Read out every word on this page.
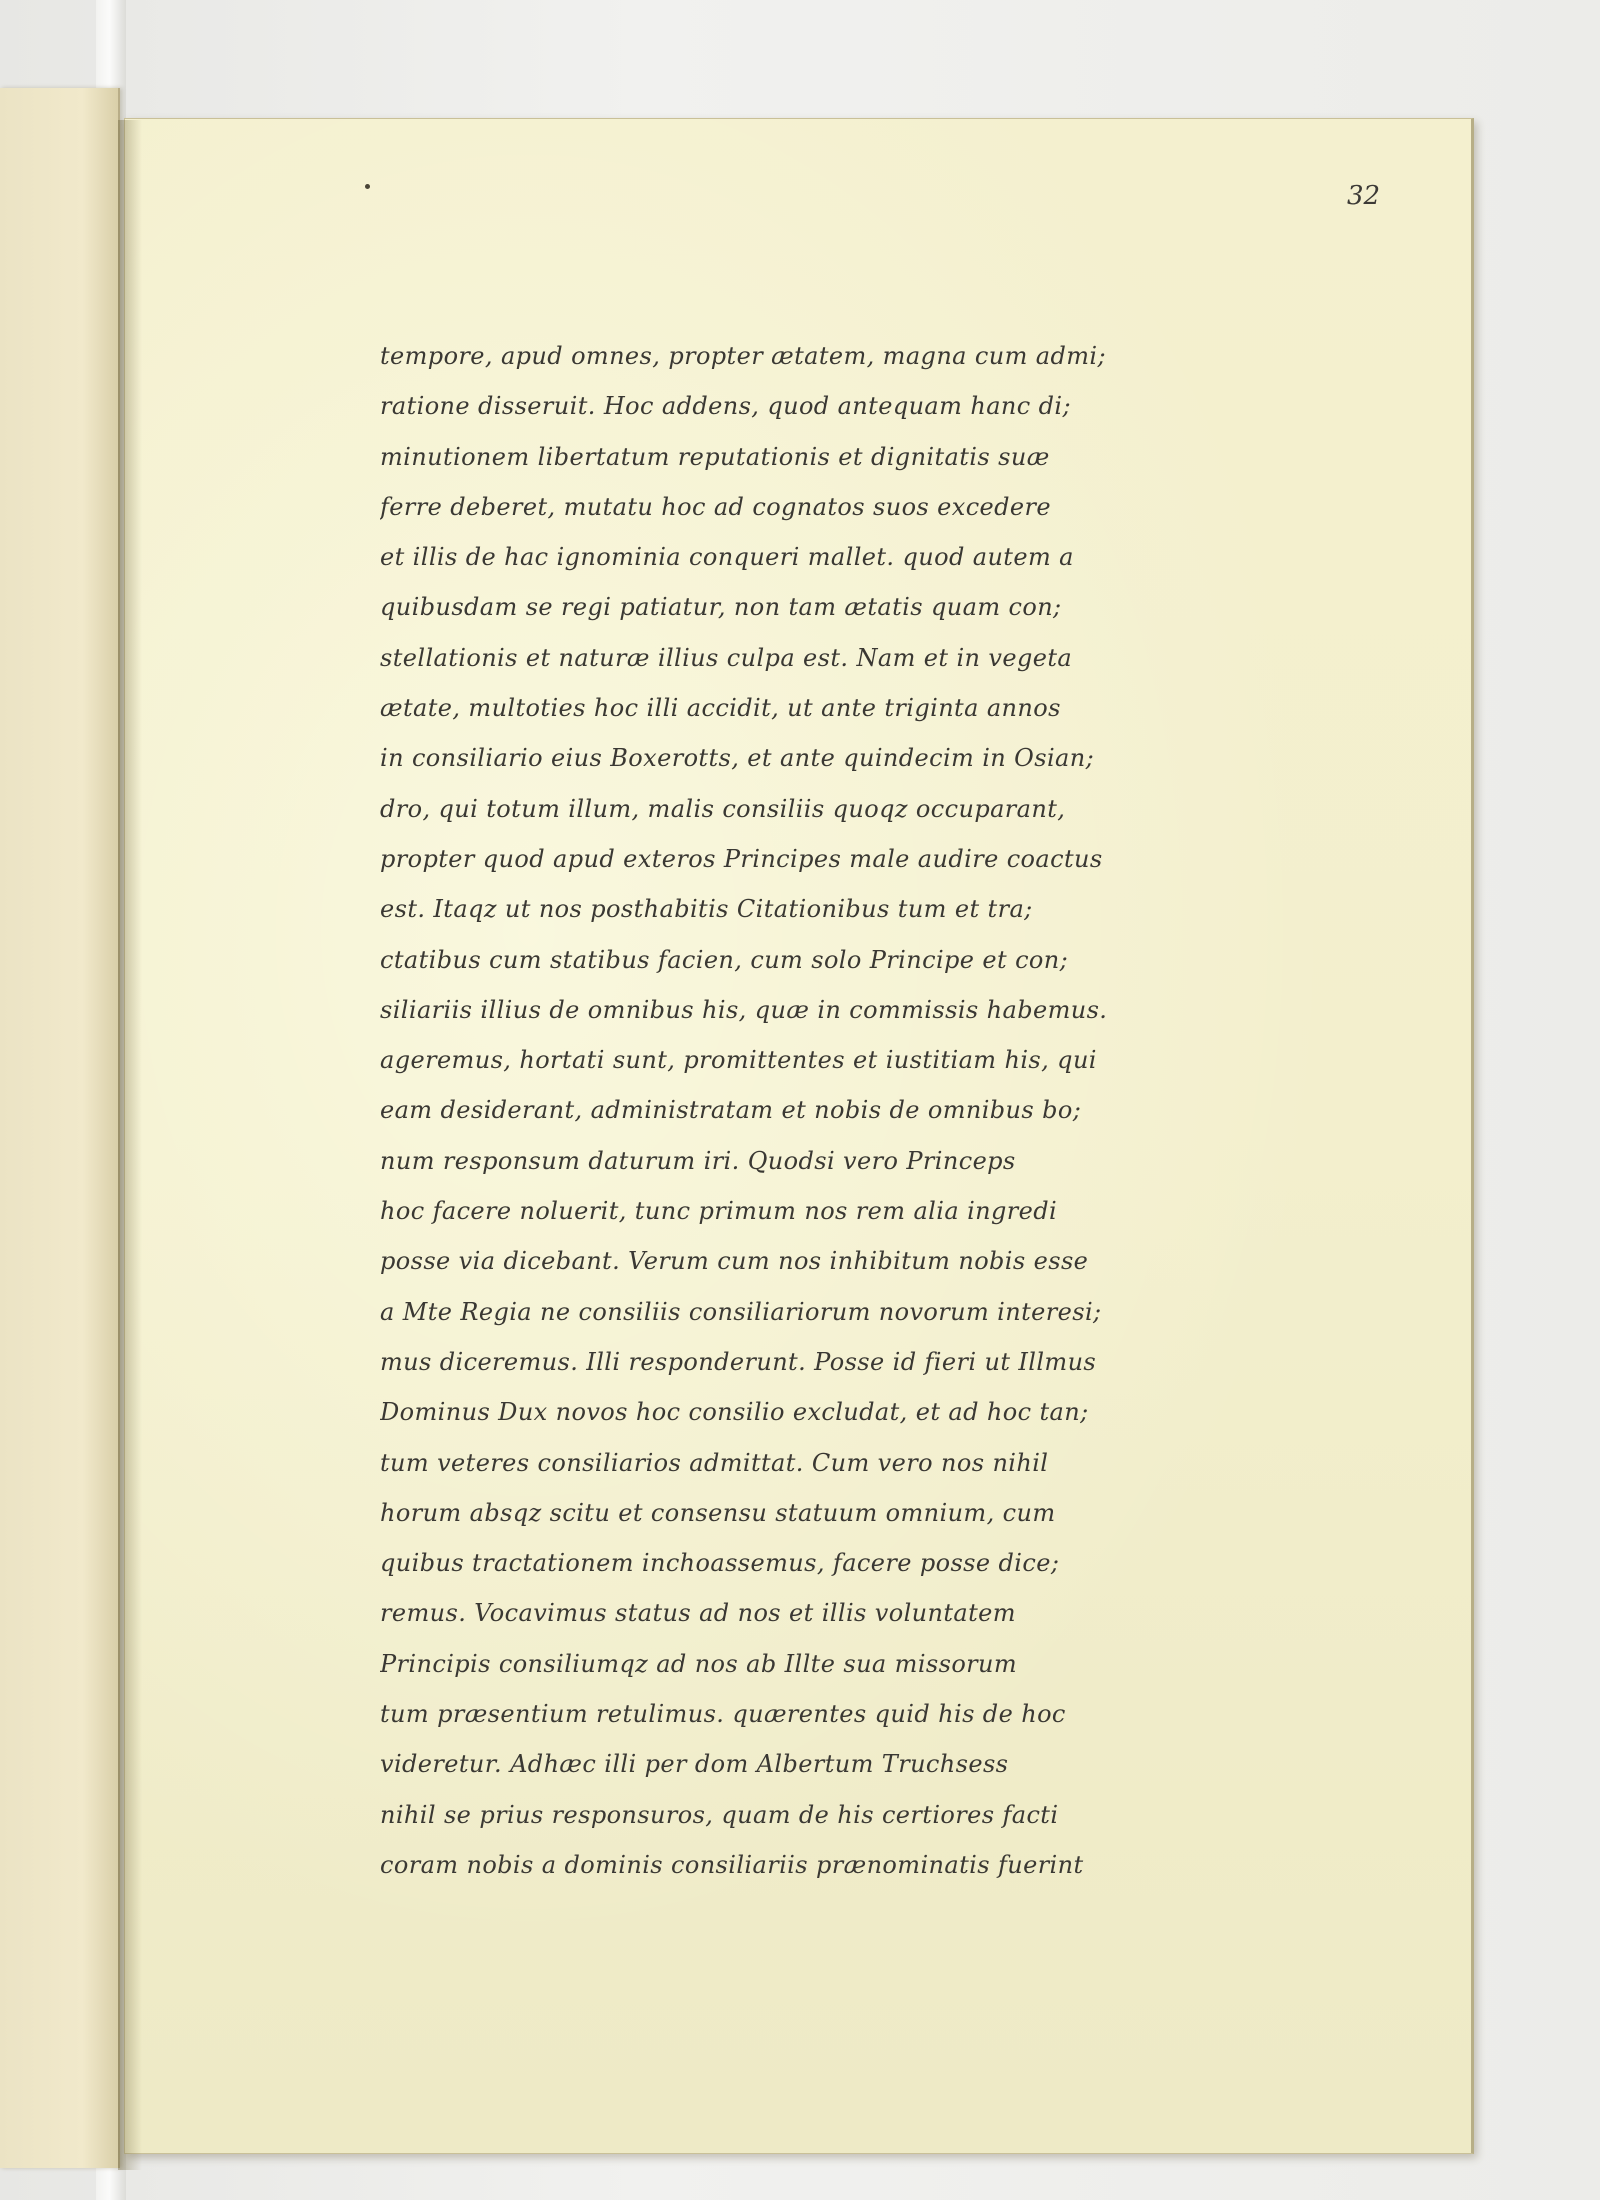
32
tempore, apud omnes, propter ætatem, magna cum admi;
ratione disseruit. Hoc addens, quod antequam hanc di;
minutionem libertatum reputationis et dignitatis suæ
ferre deberet, mutatu hoc ad cognatos suos excedere
et illis de hac ignominia conqueri mallet. quod autem a
quibusdam se regi patiatur, non tam ætatis quam con;
stellationis et naturæ illius culpa est. Nam et in vegeta
ætate, multoties hoc illi accidit, ut ante triginta annos
in consiliario eius Boxerotts, et ante quindecim in Osian;
dro, qui totum illum, malis consiliis quoqz occuparant,
propter quod apud exteros Principes male audire coactus
est. Itaqz ut nos posthabitis Citationibus tum et tra;
ctatibus cum statibus facien, cum solo Principe et con;
siliariis illius de omnibus his, quæ in commissis habemus.
ageremus, hortati sunt, promittentes et iustitiam his, qui
eam desiderant, administratam et nobis de omnibus bo;
num responsum daturum iri. Quodsi vero Princeps
hoc facere noluerit, tunc primum nos rem alia ingredi
posse via dicebant. Verum cum nos inhibitum nobis esse
a Mte Regia ne consiliis consiliariorum novorum interesi;
mus diceremus. Illi responderunt. Posse id fieri ut Illmus
Dominus Dux novos hoc consilio excludat, et ad hoc tan;
tum veteres consiliarios admittat. Cum vero nos nihil
horum absqz scitu et consensu statuum omnium, cum
quibus tractationem inchoassemus, facere posse dice;
remus. Vocavimus status ad nos et illis voluntatem
Principis consiliumqz ad nos ab Illte sua missorum
tum præsentium retulimus. quærentes quid his de hoc
videretur. Adhæc illi per dom Albertum Truchsess
nihil se prius responsuros, quam de his certiores facti
coram nobis a dominis consiliariis prænominatis fuerint
